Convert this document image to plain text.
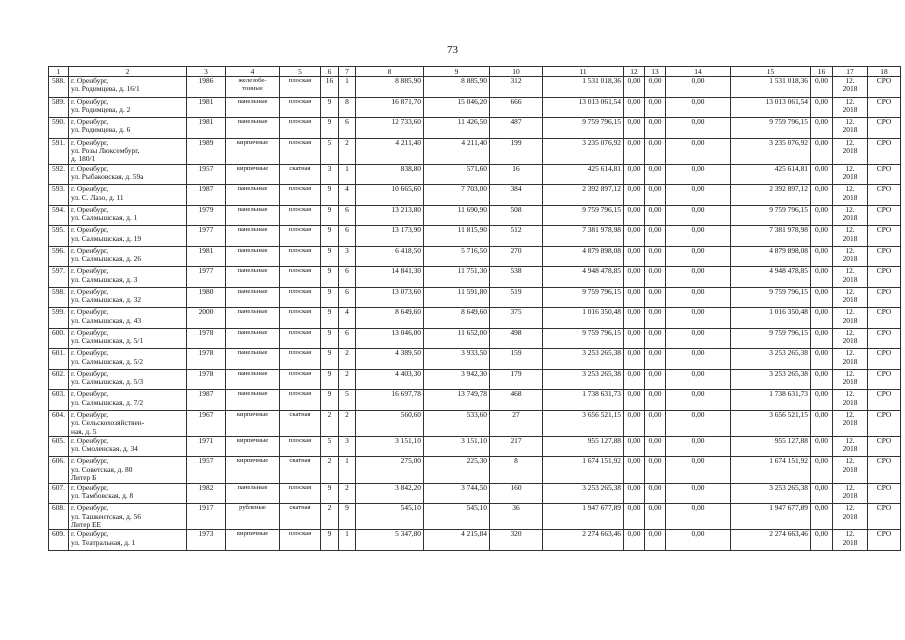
73
1	2	3	4	5	6	7	8	9	10	11	12	13	14	15	16	17	18
588.	г. Оренбург,
ул. Родимцева, д. 16/1	1986	железобе-
тонные	плоская	16	1	8 885,90	8 885,90	312	1 531 018,36	0,00	0,00	0,00	1 531 018,36	0,00	12.
2018	СРО
589.	г. Оренбург,
ул. Родимцева, д. 2	1981	панельные	плоская	9	8	16 871,70	15 046,20	666	13 013 061,54	0,00	0,00	0,00	13 013 061,54	0,00	12.
2018	СРО
590.	г. Оренбург,
ул. Родимцева, д. 6	1981	панельные	плоская	9	6	12 733,60	11 426,50	487	9 759 796,15	0,00	0,00	0,00	9 759 796,15	0,00	12.
2018	СРО
591.	г. Оренбург,
ул. Розы Люксембург,
д. 180/1	1989	кирпичные	плоская	5	2	4 211,40	4 211,40	199	3 235 076,92	0,00	0,00	0,00	3 235 076,92	0,00	12.
2018	СРО
592.	г. Оренбург,
ул. Рыбаковская, д. 59а	1957	кирпичные	скатная	3	1	838,80	571,60	16	425 614,81	0,00	0,00	0,00	425 614,81	0,00	12.
2018	СРО
593.	г. Оренбург,
ул. С. Лазо, д. 11	1987	панельные	плоская	9	4	10 665,60	7 703,00	384	2 392 897,12	0,00	0,00	0,00	2 392 897,12	0,00	12.
2018	СРО
594.	г. Оренбург,
ул. Салмышская, д. 1	1979	панельные	плоская	9	6	13 213,80	11 690,90	508	9 759 796,15	0,00	0,00	0,00	9 759 796,15	0,00	12.
2018	СРО
595.	г. Оренбург,
ул. Салмышская, д. 19	1977	панельные	плоская	9	6	13 173,90	11 815,90	512	7 381 978,98	0,00	0,00	0,00	7 381 978,98	0,00	12.
2018	СРО
596.	г. Оренбург,
ул. Салмышская, д. 26	1981	панельные	плоская	9	3	6 418,50	5 716,50	270	4 879 898,08	0,00	0,00	0,00	4 879 898,08	0,00	12.
2018	СРО
597.	г. Оренбург,
ул. Салмышская, д. 3	1977	панельные	плоская	9	6	14 841,30	11 751,30	538	4 948 478,85	0,00	0,00	0,00	4 948 478,85	0,00	12.
2018	СРО
598.	г. Оренбург,
ул. Салмышская, д. 32	1980	панельные	плоская	9	6	13 073,60	11 591,80	519	9 759 796,15	0,00	0,00	0,00	9 759 796,15	0,00	12.
2018	СРО
599.	г. Оренбург,
ул. Салмышская, д. 43	2000	панельные	плоская	9	4	8 649,60	8 649,60	375	1 016 350,48	0,00	0,00	0,00	1 016 350,48	0,00	12.
2018	СРО
600.	г. Оренбург,
ул. Салмышская, д. 5/1	1978	панельные	плоская	9	6	13 046,00	11 652,00	498	9 759 796,15	0,00	0,00	0,00	9 759 796,15	0,00	12.
2018	СРО
601.	г. Оренбург,
ул. Салмышская, д. 5/2	1978	панельные	плоская	9	2	4 389,50	3 933,50	159	3 253 265,38	0,00	0,00	0,00	3 253 265,38	0,00	12.
2018	СРО
602.	г. Оренбург,
ул. Салмышская, д. 5/3	1978	панельные	плоская	9	2	4 403,30	3 942,30	179	3 253 265,38	0,00	0,00	0,00	3 253 265,38	0,00	12.
2018	СРО
603.	г. Оренбург,
ул. Салмышская, д. 7/2	1987	панельные	плоская	9	5	16 697,78	13 749,78	468	1 738 631,73	0,00	0,00	0,00	1 738 631,73	0,00	12.
2018	СРО
604.	г. Оренбург,
ул. Сельскохозяйствен-
ная, д. 5	1967	кирпичные	скатная	2	2	560,60	533,60	27	3 656 521,15	0,00	0,00	0,00	3 656 521,15	0,00	12.
2018	СРО
605.	г. Оренбург,
ул. Смоленская, д. 34	1971	кирпичные	плоская	5	3	3 151,10	3 151,10	217	955 127,88	0,00	0,00	0,00	955 127,88	0,00	12.
2018	СРО
606.	г. Оренбург,
ул. Советская, д. 80
Литер Б	1957	кирпичные	скатная	2	1	275,00	225,30	8	1 674 151,92	0,00	0,00	0,00	1 674 151,92	0,00	12.
2018	СРО
607.	г. Оренбург,
ул. Тамбовская, д. 8	1982	панельные	плоская	9	2	3 842,20	3 744,50	160	3 253 265,38	0,00	0,00	0,00	3 253 265,38	0,00	12.
2018	СРО
608.	г. Оренбург,
ул. Ташкентская, д. 56
Литер ЕЕ	1917	рубленые	скатная	2	9	545,10	545,10	36	1 947 677,89	0,00	0,00	0,00	1 947 677,89	0,00	12.
2018	СРО
609.	г. Оренбург,
ул. Театральная, д. 1	1973	кирпичные	плоская	9	1	5 347,80	4 215,84	320	2 274 663,46	0,00	0,00	0,00	2 274 663,46	0,00	12.
2018	СРО
